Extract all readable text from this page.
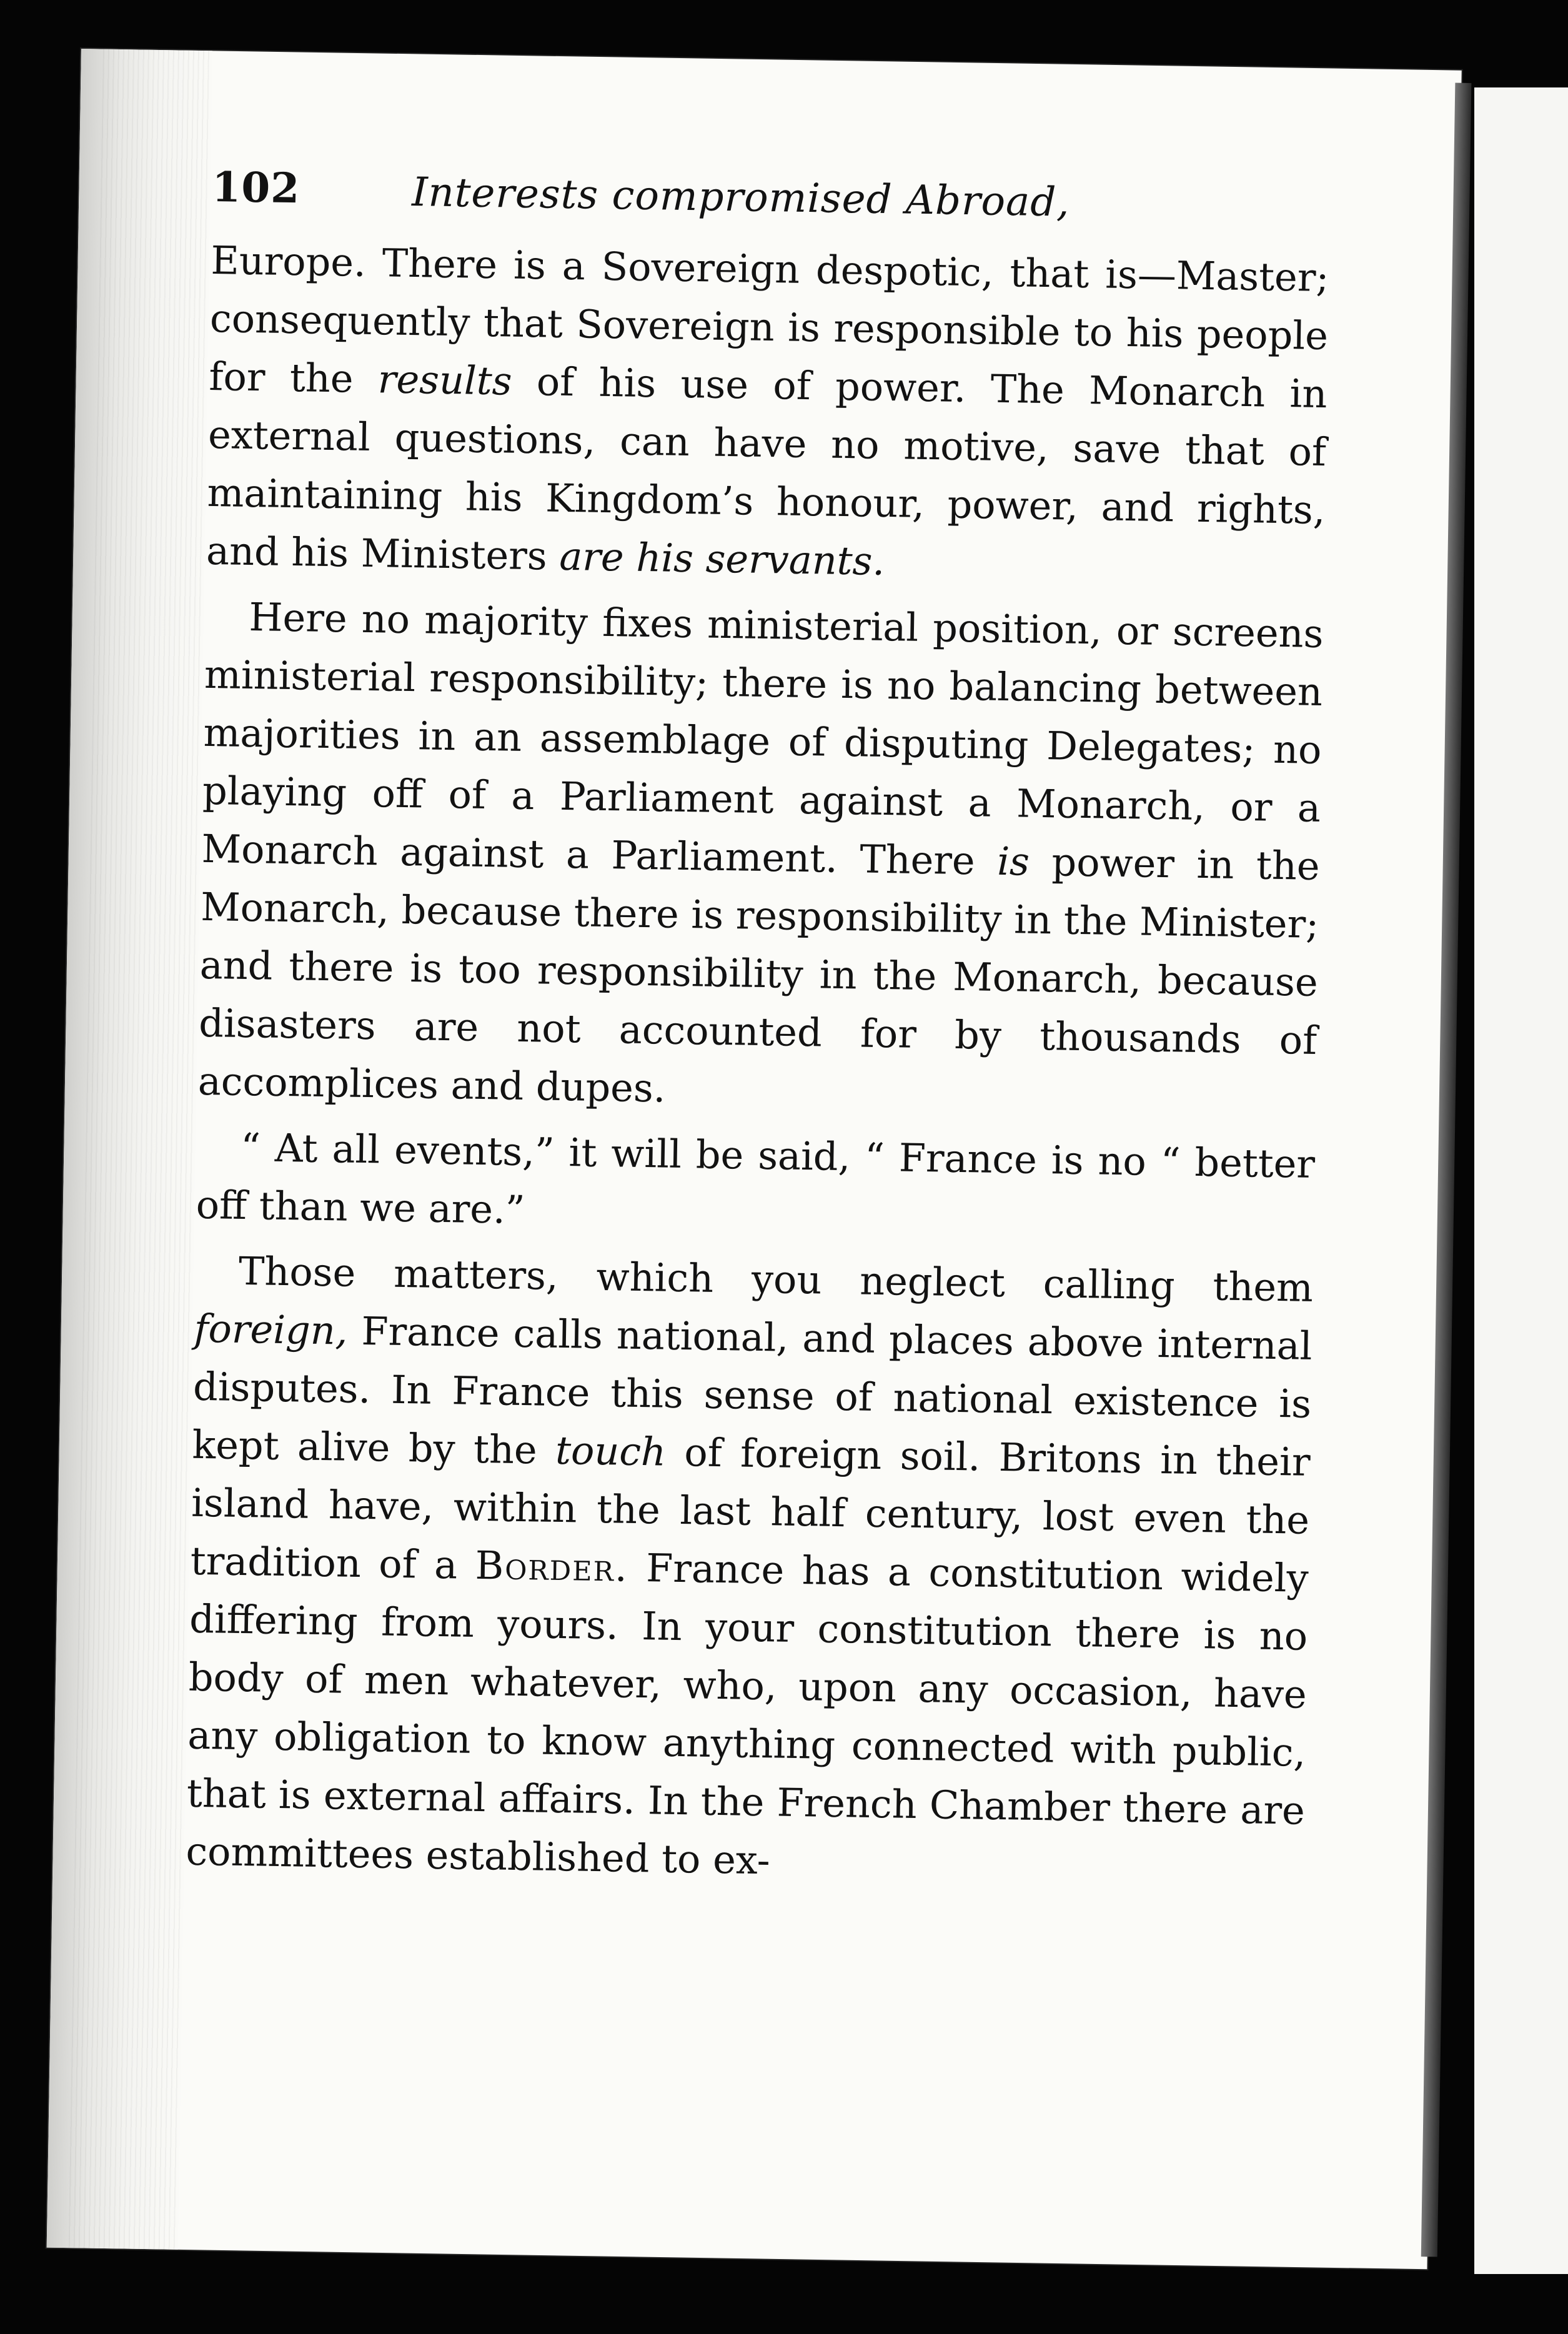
102	Interests compromised Abroad,

Europe. There is a Sovereign despotic, that is—Master; consequently that Sovereign is responsible to his people for the results of his use of power. The Monarch in external questions, can have no motive, save that of maintaining his Kingdom’s honour, power, and rights, and his Ministers are his servants.

Here no majority fixes ministerial position, or screens ministerial responsibility; there is no balancing between majorities in an assemblage of disputing Delegates; no playing off of a Parliament against a Monarch, or a Monarch against a Parliament. There is power in the Monarch, because there is responsibility in the Minister; and there is too responsibility in the Monarch, because disasters are not accounted for by thousands of accomplices and dupes.

“ At all events,” it will be said, “ France is no “ better off than we are.”

Those matters, which you neglect calling them foreign, France calls national, and places above internal disputes. In France this sense of national existence is kept alive by the touch of foreign soil. Britons in their island have, within the last half century, lost even the tradition of a Border. France has a constitution widely differing from yours. In your constitution there is no body of men whatever, who, upon any occasion, have any obligation to know anything connected with public, that is external affairs. In the French Chamber there are committees established to ex-
